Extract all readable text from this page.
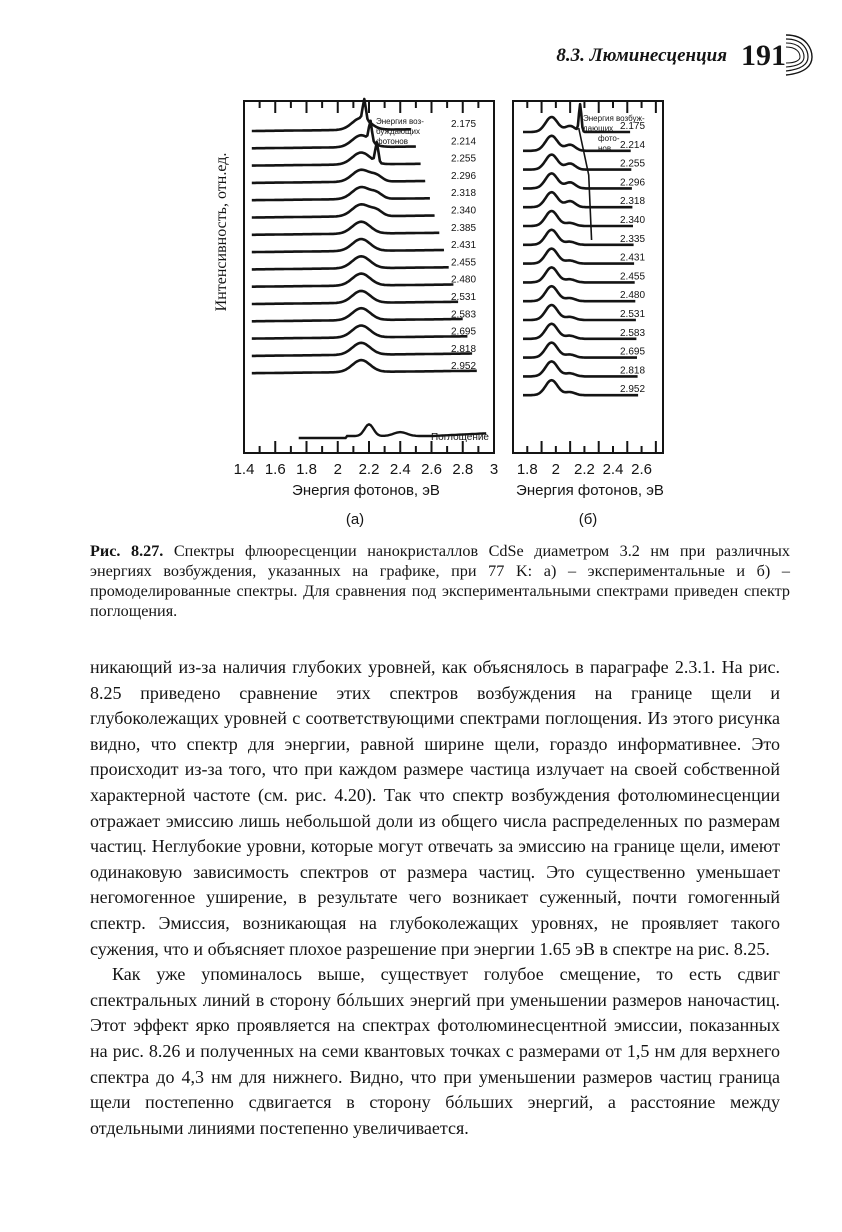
8.3. Люминесценция 191
Интенсивность, отн.ед.
Энергия воз-
буждающих
фотонов
2.175
2.214
2.255
2.296
2.318
2.340
2.385
2.431
2.455
2.480
2.531
2.583
2.695
2.818
2.952
1.4 1.6 1.8 2 2.2 2.4 2.6 2.8 3
Поглощение
Энергия фотонов, эВ
(а)
Энергия возбуж-
дающих
фото-
нов
2.175
2.214
2.255
2.296
2.318
2.340
2.335
2.431
2.455
2.480
2.531
2.583
2.695
2.818
2.952
1.8 2 2.2 2.4 2.6
Энергия фотонов, эВ
(б)
Рис. 8.27. Спектры флюоресценции нанокристаллов CdSe диаметром 3.2 нм при различных энергиях возбуждения, указанных на графике, при 77 K: а) – экспериментальные и б) – промоделированные спектры. Для сравнения под экспериментальными спектрами приведен спектр поглощения.

никающий из-за наличия глубоких уровней, как объяснялось в параграфе 2.3.1. На рис. 8.25 приведено сравнение этих спектров возбуждения на границе щели и глубоколежащих уровней с соответствующими спектрами поглощения. Из этого рисунка видно, что спектр для энергии, равной ширине щели, гораздо информативнее. Это происходит из-за того, что при каждом размере частица излучает на своей собственной характерной частоте (см. рис. 4.20). Так что спектр возбуждения фотолюминесценции отражает эмиссию лишь небольшой доли из общего числа распределенных по размерам частиц. Неглубокие уровни, которые могут отвечать за эмиссию на границе щели, имеют одинаковую зависимость спектров от размера частиц. Это существенно уменьшает негомогенное уширение, в результате чего возникает суженный, почти гомогенный спектр. Эмиссия, возникающая на глубоколежащих уровнях, не проявляет такого сужения, что и объясняет плохое разрешение при энергии 1.65 эВ в спектре на рис. 8.25.

Как уже упоминалось выше, существует голубое смещение, то есть сдвиг спектральных линий в сторону бóльших энергий при уменьшении размеров наночастиц. Этот эффект ярко проявляется на спектрах фотолюминесцентной эмиссии, показанных на рис. 8.26 и полученных на семи квантовых точках с размерами от 1,5 нм для верхнего спектра до 4,3 нм для нижнего. Видно, что при уменьшении размеров частиц граница щели постепенно сдвигается в сторону бóльших энергий, а расстояние между отдельными линиями постепенно увеличивается.
